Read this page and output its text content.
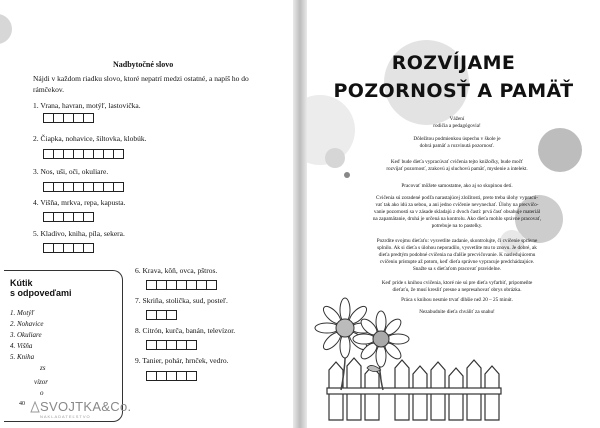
Nadbytočné slovo
Nájdi v každom riadku slovo, ktoré nepatrí medzi ostatné, a napíš ho do rámčekov.
1. Vrana, havran, motýľ, lastovička.
2. Čiapka, nohavice, šiltovka, klobúk.
3. Nos, uši, oči, okuliare.
4. Višňa, mrkva, repa, kapusta.
5. Kladivo, kniha, píla, sekera.
6. Krava, kôň, ovca, pštros.
7. Skriňa, stolička, sud, posteľ.
8. Citrón, kurča, banán, televízor.
9. Tanier, pohár, hrnček, vedro.
Kútik
s odpoveďami
1. Motýľ
2. Nohavice
3. Okuliare
4. Višňa
5. Kniha
zs
vízor
o
40 SVOJTKA&Co.
NAKLADATEĽSTVO
ROZVÍJAME
POZORNOSŤ A PAMÄŤ
Vážení
rodičia a pedagógovia!
Dôležitou podmienkou úspechu v škole je
dobrá pamäť a rozvinutá pozornosť.
Keď bude dieťa vypracúvať cvičenia tejto knižočky, bude močť
rozvíjať pozornosť, zrakovú aj sluchovú pamäť, myslenie a intelekt.
Pracovať môžete samostatne, ako aj so skupinou detí.
Cvičenia sú zoradené podľa narastajúcej zložitosti, preto treba úlohy vypracú-
vať tak ako idú za sebou, a ani jedno cvičenie nevynechať. Úlohy na precvičo-
vanie pozornosti sa v zásade skladajú z dvoch častí: prvá časť obsahuje materiál
na zapamätanie, druhá je určená na kontrolu. Ako dieťa mohlo správne pracovať,
potrebuje na to pastelky.
Pozrdite svojmu dieťaťu: vysvetlite zadanie, skontrolujte, či cvičenie správne
splnilo. Ak si dieťa s úlohou neporadilo, vysvetlite mu to znovu. Je dobré, ak
dieťa predtým podobné cvičenia na ďalšie precvičovanie. K nasledujúcemu
cvičeniu prístupte až potom, keď dieťa správne vypracuje predchádzajúce.
Snažte sa s dieťaťom pracovať pravidelne.
Keď príde s knihou cvičenia, ktoré nie sú pre dieťa vyfarbiť, pripomeňte
dieťaťu, že musí kresliť presne a nepresahovať obrys obrázka.
Práca s knihou nesmie trvať dlhšie než 20 – 25 minút.
Nezabudnite dieťa chváliť za snahu!
